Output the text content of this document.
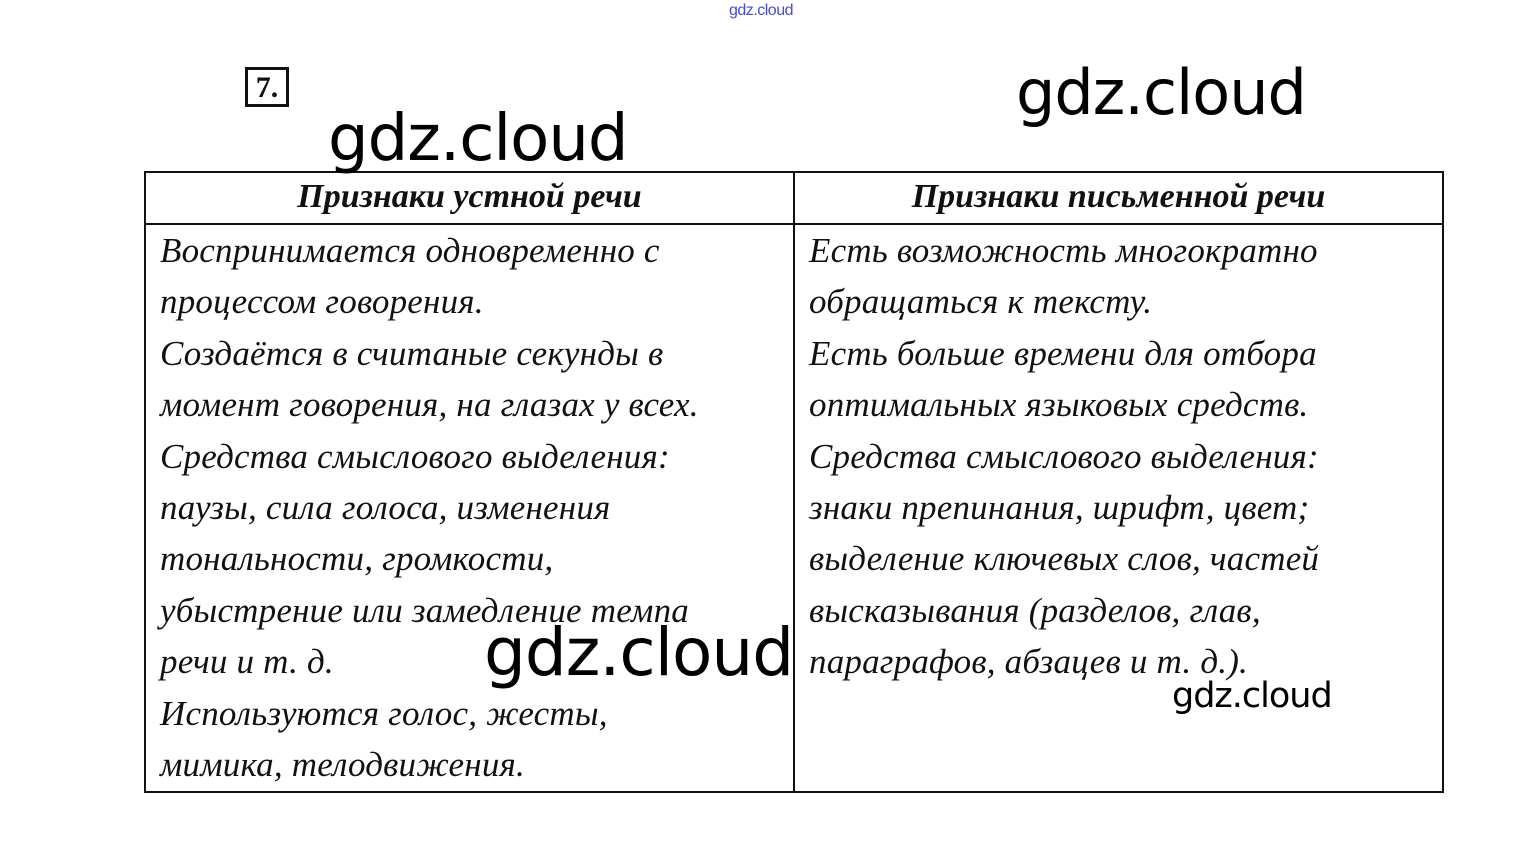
gdz.cloud
7.	gdz.cloud
gdz.cloud
gdz.cloud
gdz.cloud
Признаки устной речи	Признаки письменной речи
Воспринимается одновременно с
процессом говорения.
Создаётся в считаные секунды в
момент говорения, на глазах у всех.
Средства смыслового выделения:
паузы, сила голоса, изменения
тональности, громкости,
убыстрение или замедление темпа
речи и т. д.
Используются голос, жесты,
мимика, телодвижения.
Есть возможность многократно
обращаться к тексту.
Есть больше времени для отбора
оптимальных языковых средств.
Средства смыслового выделения:
знаки препинания, шрифт, цвет;
выделение ключевых слов, частей
высказывания (разделов, глав,
параграфов, абзацев и т. д.).
